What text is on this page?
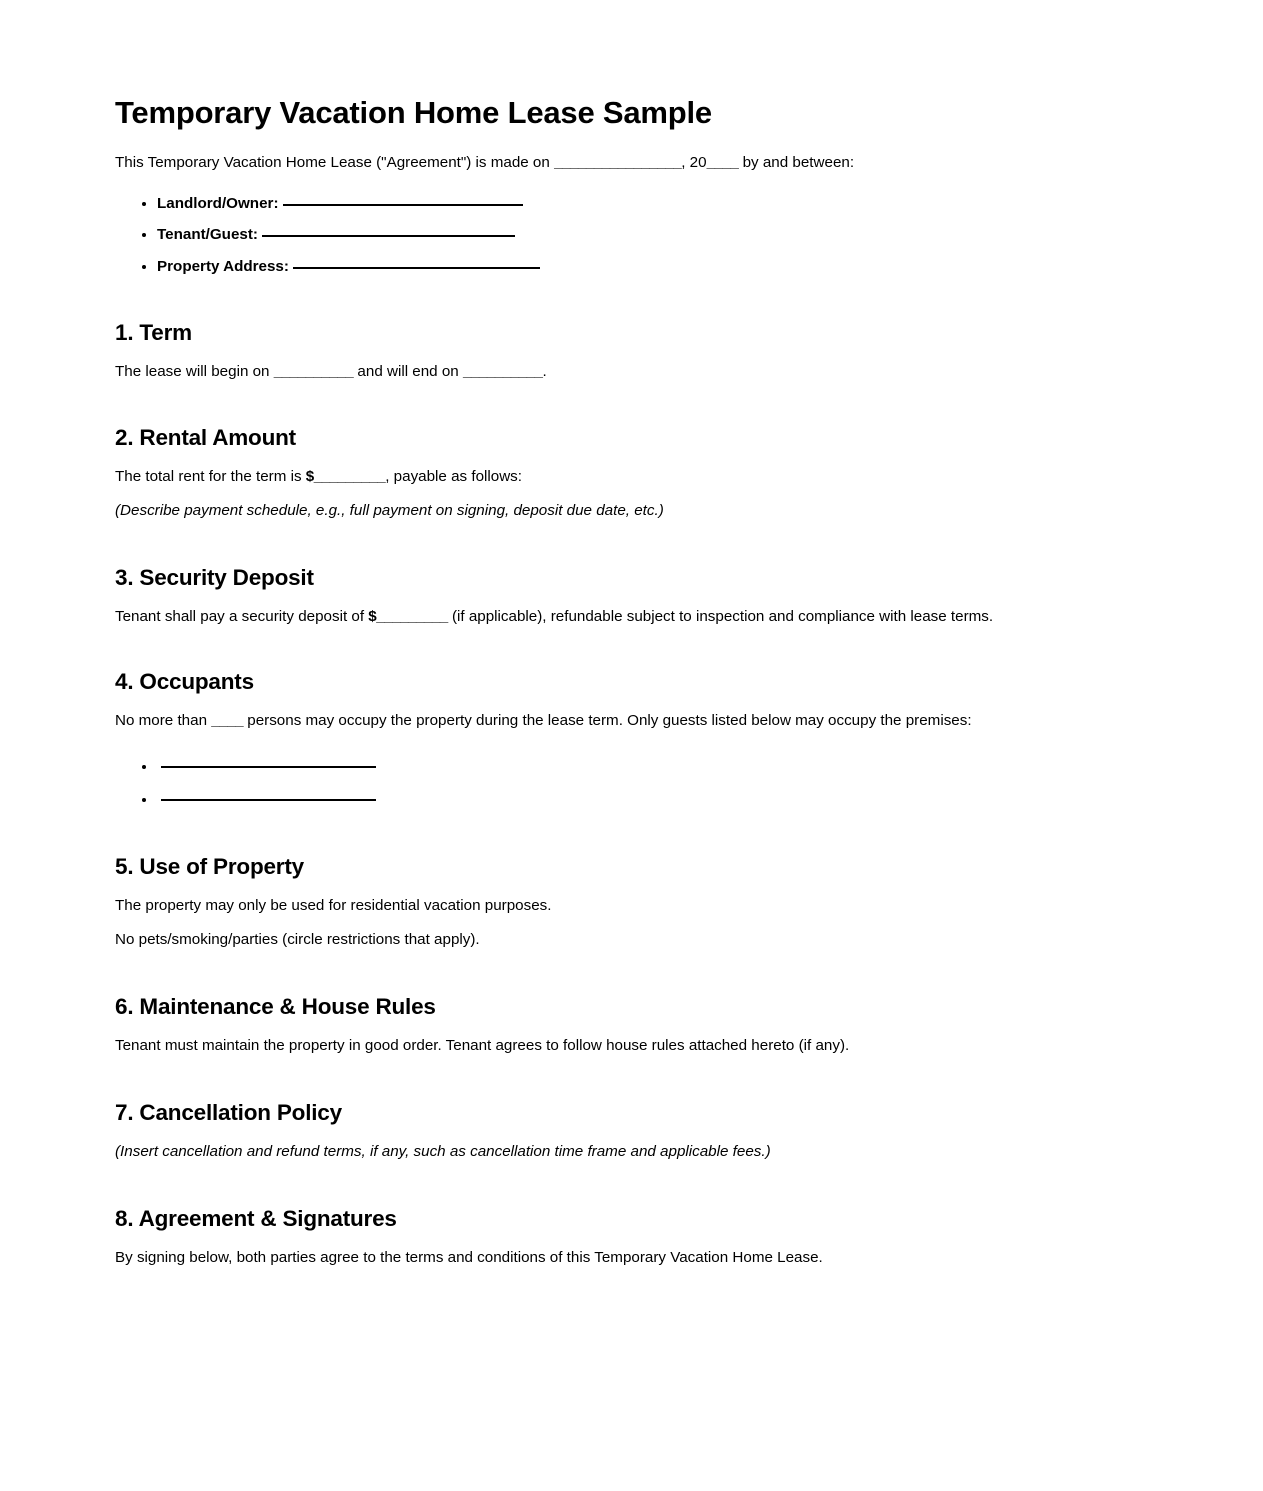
Temporary Vacation Home Lease Sample

This Temporary Vacation Home Lease ("Agreement") is made on ________________, 20____ by and between:

• Landlord/Owner:
• Tenant/Guest:
• Property Address:
1. Term

The lease will begin on __________ and will end on __________.

2. Rental Amount

The total rent for the term is $_________, payable as follows:

(Describe payment schedule, e.g., full payment on signing, deposit due date, etc.)

3. Security Deposit

Tenant shall pay a security deposit of $_________ (if applicable), refundable subject to inspection and compliance with lease terms.

4. Occupants

No more than ____ persons may occupy the property during the lease term. Only guests listed below may occupy the premises:

•
•
5. Use of Property

The property may only be used for residential vacation purposes.

No pets/smoking/parties (circle restrictions that apply).

6. Maintenance & House Rules

Tenant must maintain the property in good order. Tenant agrees to follow house rules attached hereto (if any).

7. Cancellation Policy

(Insert cancellation and refund terms, if any, such as cancellation time frame and applicable fees.)

8. Agreement & Signatures

By signing below, both parties agree to the terms and conditions of this Temporary Vacation Home Lease.
